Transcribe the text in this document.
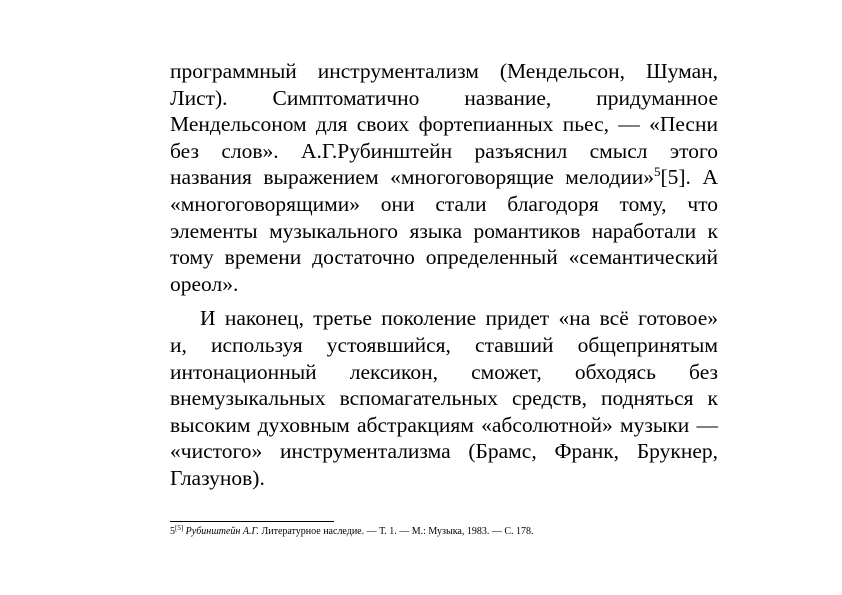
программный инструментализм (Мендельсон, Шуман,
Лист). Симптоматично название, придуманное
Мендельсоном для своих фортепианных пьес, — «Песни
без слов». А.Г.Рубинштейн разъяснил смысл этого
названия выражением «многоговорящие мелодии»$^5$[5]. А
«многоговорящими» они стали благодоря тому, что
элементы музыкального языка романтиков наработали к
тому времени достаточно определенный «семантический
ореол».
И наконец, третье поколение придет «на всё готовое»
и, используя устоявшийся, ставший общепринятым
интонационный лексикон, сможет, обходясь без
внемузыкальных вспомагательных средств, подняться к
высоким духовным абстракциям «абсолютной» музыки —
«чистого» инструментализма (Брамс, Франк, Брукнер,
Глазунов).
5[5] Рубинштейн А.Г. Литературное наследие. — Т. 1. — М.: Музыка, 1983. — С. 178.
